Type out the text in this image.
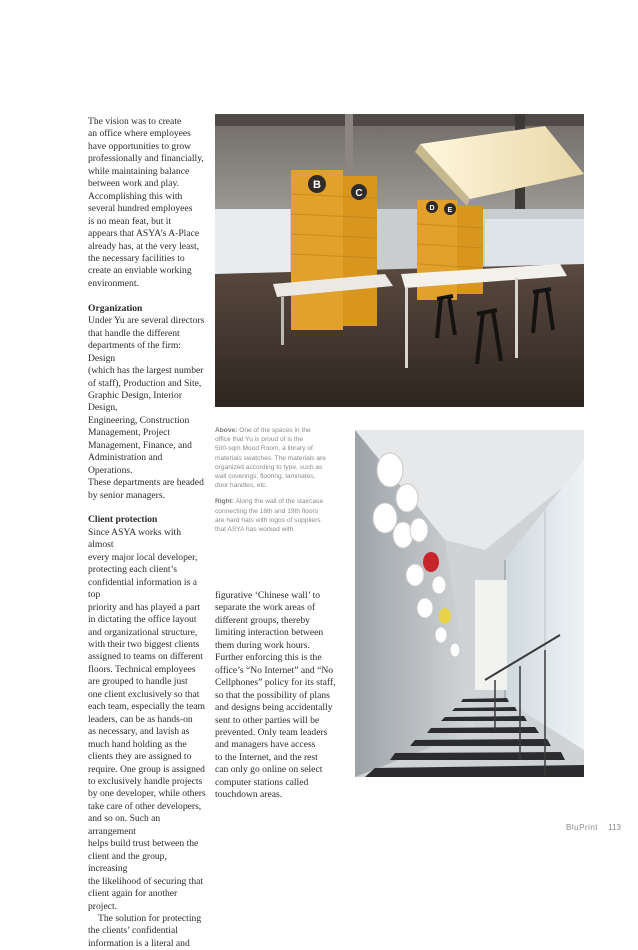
The vision was to create

an office where employees

have opportunities to grow

professionally and financially,

while maintaining balance

between work and play.

Accomplishing this with

several hundred employees

is no mean feat, but it

appears that ASYA’s A-Place

already has, at the very least,

the necessary facilities to

create an enviable working

environment.

Organization

Under Yu are several directors

that handle the different

departments of the firm: Design

(which has the largest number

of staff), Production and Site,

Graphic Design, Interior Design,

Engineering, Construction

Management, Project

Management, Finance, and

Administration and Operations.

These departments are headed

by senior managers.

Client protection

Since ASYA works with almost

every major local developer,

protecting each client’s

confidential information is a top

priority and has played a part

in dictating the office layout

and organizational structure,

with their two biggest clients

assigned to teams on different

floors. Technical employees

are grouped to handle just

one client exclusively so that

each team, especially the team

leaders, can be as hands-on

as necessary, and lavish as

much hand holding as the

clients they are assigned to

require. One group is assigned

to exclusively handle projects

by one developer, while others

take care of other developers,

and so on. Such an arrangement

helps build trust between the

client and the group, increasing

the likelihood of securing that

client again for another project.

The solution for protecting

the clients’ confidential

information is a literal and

B
C
D E

Above: One of the spaces in the
office that Yu is proud of is the
500-sqm Mood Room, a library of
materials swatches. The materials are
organized according to type, such as
wall coverings, flooring, laminates,
door handles, etc.

Right: Along the wall of the staircase
connecting the 18th and 19th floors
are hard hats with logos of suppliers
that ASYA has worked with.

figurative ‘Chinese wall’ to

separate the work areas of

different groups, thereby

limiting interaction between

them during work hours.

Further enforcing this is the

office’s “No Internet” and “No

Cellphones” policy for its staff,

so that the possibility of plans

and designs being accidentally

sent to other parties will be

prevented. Only team leaders

and managers have access

to the Internet, and the rest

can only go online on select

computer stations called

touchdown areas.

BluPrint 113
